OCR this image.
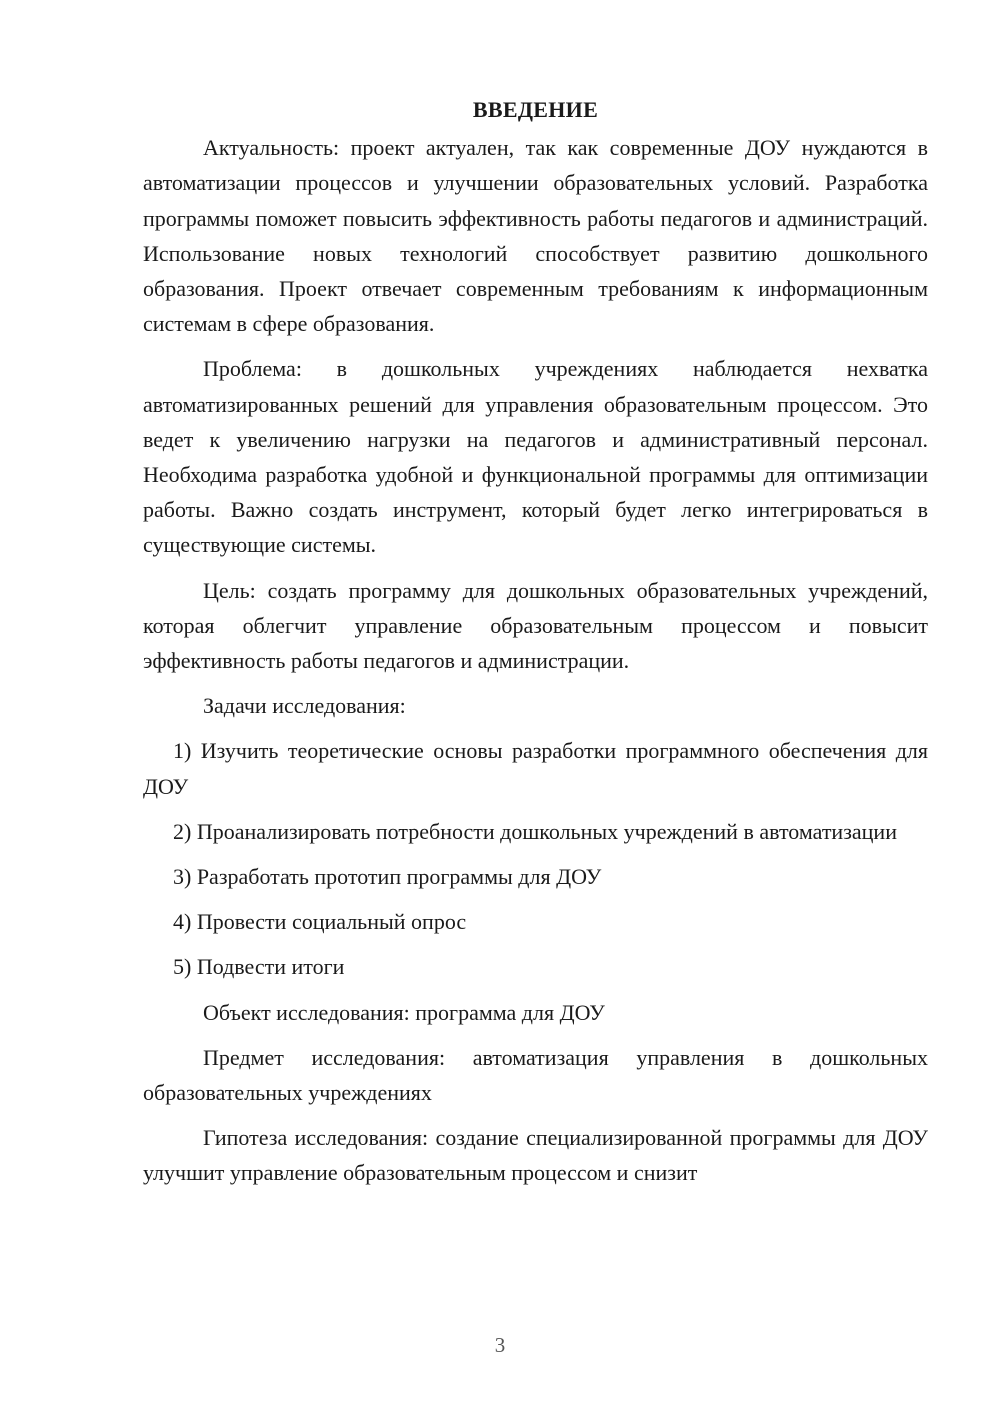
ВВЕДЕНИЕ

Актуальность: проект актуален, так как современные ДОУ нуждаются в автоматизации процессов и улучшении образовательных условий. Разработка программы поможет повысить эффективность работы педагогов и администраций. Использование новых технологий способствует развитию дошкольного образования. Проект отвечает современным требованиям к информационным системам в сфере образования.

Проблема: в дошкольных учреждениях наблюдается нехватка автоматизированных решений для управления образовательным процессом. Это ведет к увеличению нагрузки на педагогов и административный персонал. Необходима разработка удобной и функциональной программы для оптимизации работы. Важно создать инструмент, который будет легко интегрироваться в существующие системы.

Цель: создать программу для дошкольных образовательных учреждений, которая облегчит управление образовательным процессом и повысит эффективность работы педагогов и администрации.

Задачи исследования:

1) Изучить теоретические основы разработки программного обеспечения для ДОУ

2) Проанализировать потребности дошкольных учреждений в автоматизации

3) Разработать прототип программы для ДОУ

4) Провести социальный опрос

5) Подвести итоги

Объект исследования: программа для ДОУ

Предмет исследования: автоматизация управления в дошкольных образовательных учреждениях

Гипотеза исследования: создание специализированной программы для ДОУ улучшит управление образовательным процессом и снизит

3
